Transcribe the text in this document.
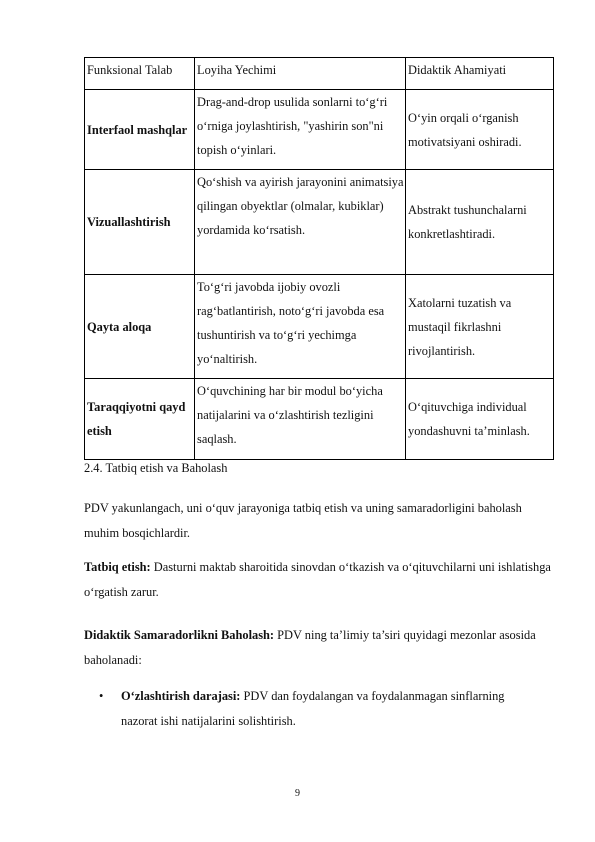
Funksional Talab	Loyiha Yechimi	Didaktik Ahamiyati
Interfaol mashqlar	Drag-and-drop usulida sonlarni to‘g‘ri o‘rniga joylashtirish, "yashirin son"ni topish o‘yinlari.	O‘yin orqali o‘rganish motivatsiyani oshiradi.
Vizuallashtirish	Qo‘shish va ayirish jarayonini animatsiya qilingan obyektlar (olmalar, kubiklar) yordamida ko‘rsatish.	Abstrakt tushunchalarni konkretlashtiradi.
Qayta aloqa	To‘g‘ri javobda ijobiy ovozli rag‘batlantirish, noto‘g‘ri javobda esa tushuntirish va to‘g‘ri yechimga yo‘naltirish.	Xatolarni tuzatish va mustaqil fikrlashni rivojlantirish.
Taraqqiyotni qayd etish	O‘quvchining har bir modul bo‘yicha natijalarini va o‘zlashtirish tezligini saqlash.	O‘qituvchiga individual yondashuvni ta’minlash.
2.4. Tatbiq etish va Baholash
PDV yakunlangach, uni o‘quv jarayoniga tatbiq etish va uning samaradorligini baholash muhim bosqichlardir.
Tatbiq etish: Dasturni maktab sharoitida sinovdan o‘tkazish va o‘qituvchilarni uni ishlatishga o‘rgatish zarur.
Didaktik Samaradorlikni Baholash: PDV ning ta’limiy ta’siri quyidagi mezonlar asosida baholanadi:
• O‘zlashtirish darajasi: PDV dan foydalangan va foydalanmagan sinflarning nazorat ishi natijalarini solishtirish.
9
